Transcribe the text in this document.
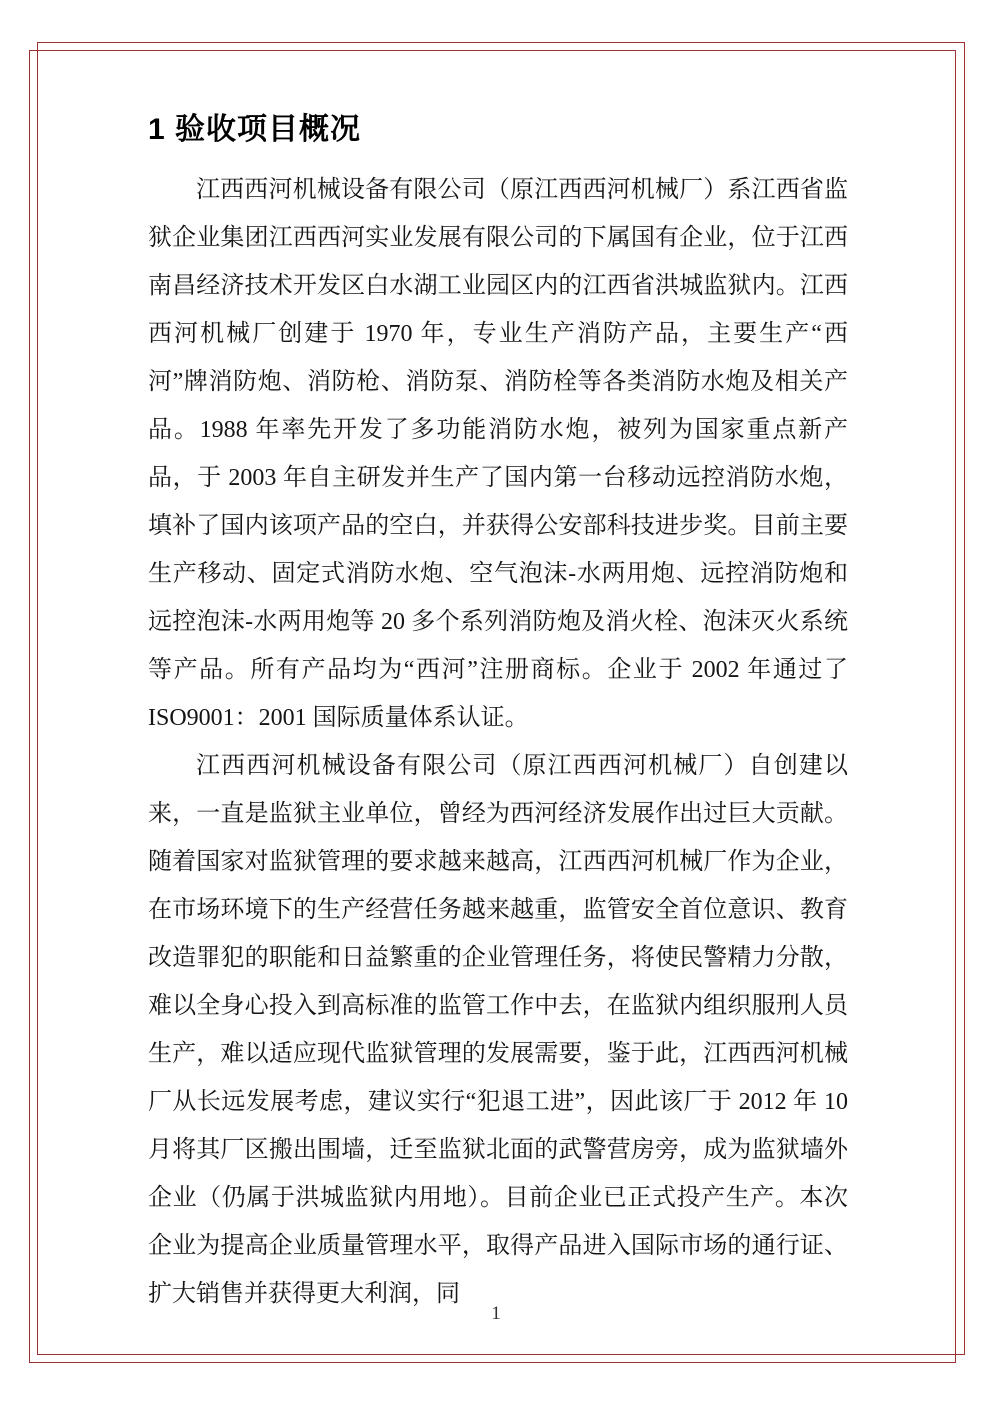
1 验收项目概况

江西西河机械设备有限公司（原江西西河机械厂）系江西省监狱企业集团江西西河实业发展有限公司的下属国有企业，位于江西南昌经济技术开发区白水湖工业园区内的江西省洪城监狱内。江西西河机械厂创建于 1970 年，专业生产消防产品，主要生产“西河”牌消防炮、消防枪、消防泵、消防栓等各类消防水炮及相关产品。1988 年率先开发了多功能消防水炮，被列为国家重点新产品，于 2003 年自主研发并生产了国内第一台移动远控消防水炮，填补了国内该项产品的空白，并获得公安部科技进步奖。目前主要生产移动、固定式消防水炮、空气泡沫-水两用炮、远控消防炮和远控泡沫-水两用炮等 20 多个系列消防炮及消火栓、泡沫灭火系统等产品。所有产品均为“西河”注册商标。企业于 2002 年通过了 ISO9001：2001 国际质量体系认证。

江西西河机械设备有限公司（原江西西河机械厂）自创建以来，一直是监狱主业单位，曾经为西河经济发展作出过巨大贡献。随着国家对监狱管理的要求越来越高，江西西河机械厂作为企业，在市场环境下的生产经营任务越来越重，监管安全首位意识、教育改造罪犯的职能和日益繁重的企业管理任务，将使民警精力分散，难以全身心投入到高标准的监管工作中去，在监狱内组织服刑人员生产，难以适应现代监狱管理的发展需要，鉴于此，江西西河机械厂从长远发展考虑，建议实行“犯退工进”，因此该厂于 2012 年 10 月将其厂区搬出围墙，迁至监狱北面的武警营房旁，成为监狱墙外企业（仍属于洪城监狱内用地）。目前企业已正式投产生产。本次企业为提高企业质量管理水平，取得产品进入国际市场的通行证、扩大销售并获得更大利润，同

1
